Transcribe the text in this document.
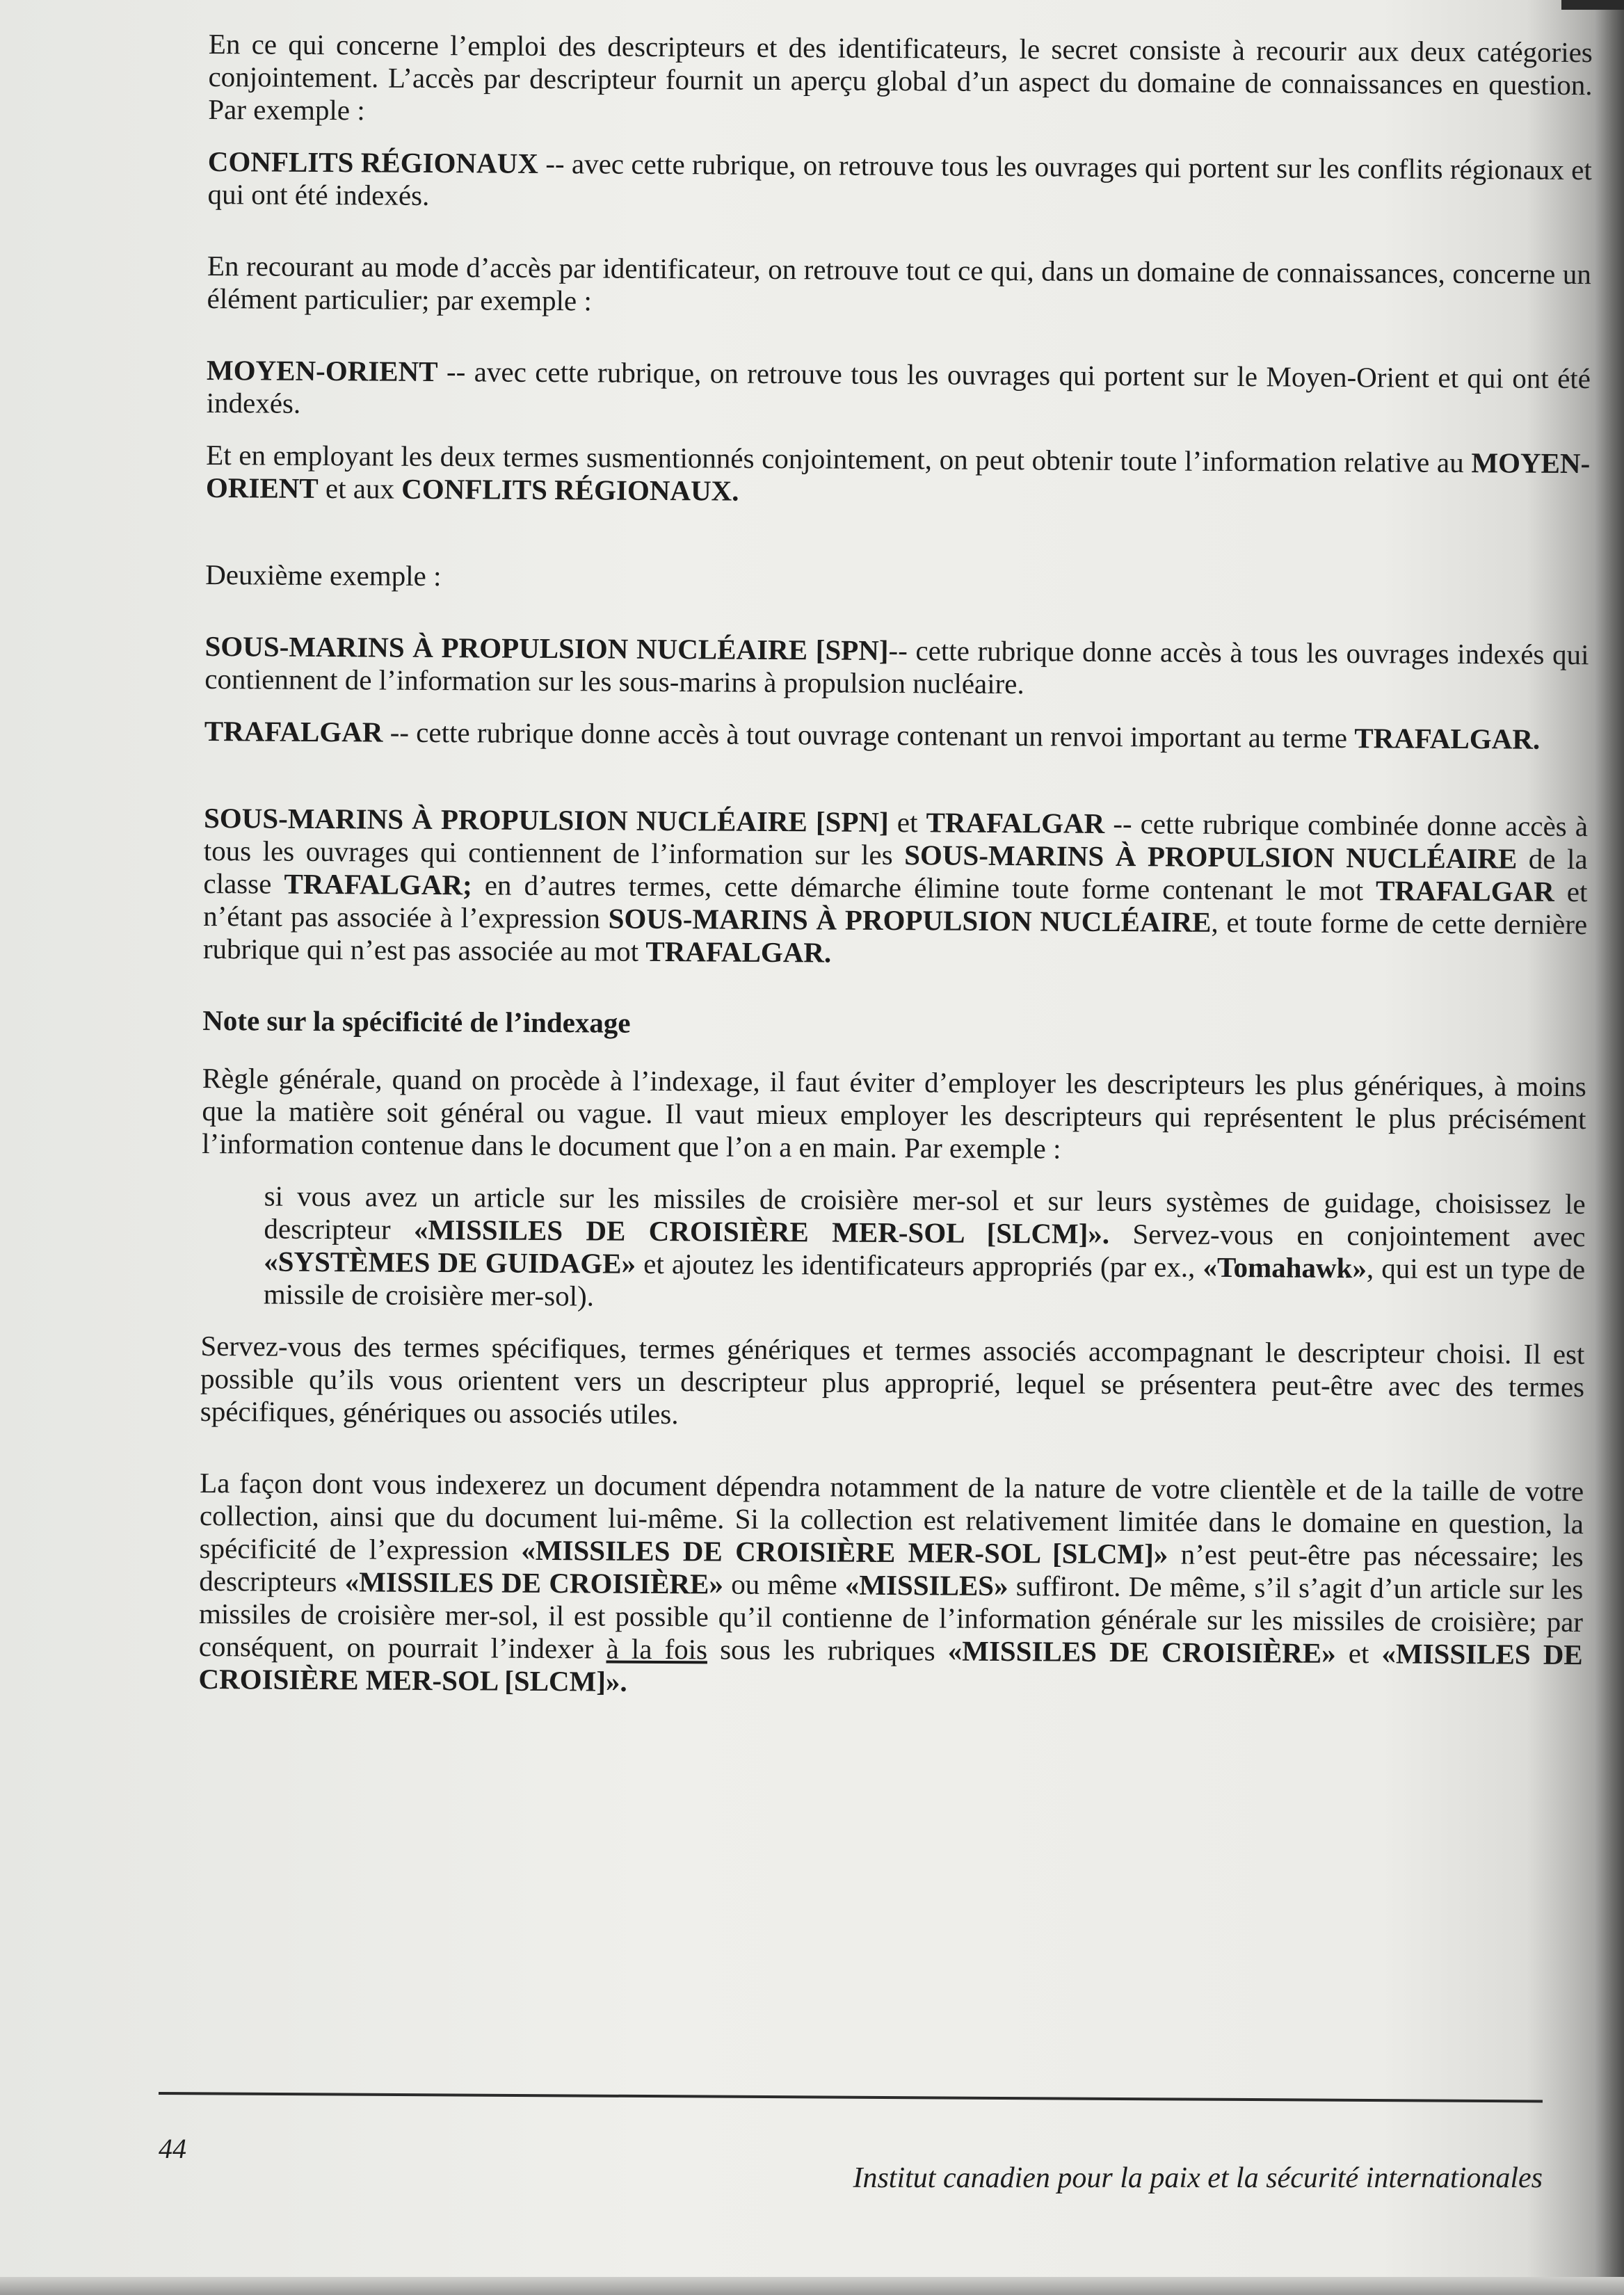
En ce qui concerne l’emploi des descripteurs et des identificateurs, le secret consiste à recourir aux deux catégories conjointement. L’accès par descripteur fournit un aperçu global d’un aspect du domaine de connaissances en question. Par exemple :

CONFLITS RÉGIONAUX -- avec cette rubrique, on retrouve tous les ouvrages qui portent sur les conflits régionaux et qui ont été indexés.

En recourant au mode d’accès par identificateur, on retrouve tout ce qui, dans un domaine de connaissances, concerne un élément particulier; par exemple :

MOYEN-ORIENT -- avec cette rubrique, on retrouve tous les ouvrages qui portent sur le Moyen-Orient et qui ont été indexés.

Et en employant les deux termes susmentionnés conjointement, on peut obtenir toute l’information relative au MOYEN-ORIENT et aux CONFLITS RÉGIONAUX.

Deuxième exemple :

SOUS-MARINS À PROPULSION NUCLÉAIRE [SPN]-- cette rubrique donne accès à tous les ouvrages indexés qui contiennent de l’information sur les sous-marins à propulsion nucléaire.

TRAFALGAR -- cette rubrique donne accès à tout ouvrage contenant un renvoi important au terme TRAFALGAR.

SOUS-MARINS À PROPULSION NUCLÉAIRE [SPN] et TRAFALGAR -- cette rubrique combinée donne accès à tous les ouvrages qui contiennent de l’information sur les SOUS-MARINS À PROPULSION NUCLÉAIRE de la classe TRAFALGAR; en d’autres termes, cette démarche élimine toute forme contenant le mot TRAFALGAR et n’étant pas associée à l’expression SOUS-MARINS À PROPULSION NUCLÉAIRE, et toute forme de cette dernière rubrique qui n’est pas associée au mot TRAFALGAR.

Note sur la spécificité de l’indexage

Règle générale, quand on procède à l’indexage, il faut éviter d’employer les descripteurs les plus génériques, à moins que la matière soit général ou vague. Il vaut mieux employer les descripteurs qui représentent le plus précisément l’information contenue dans le document que l’on a en main. Par exemple :

si vous avez un article sur les missiles de croisière mer-sol et sur leurs systèmes de guidage, choisissez le descripteur «MISSILES DE CROISIÈRE MER-SOL [SLCM]». Servez-vous en conjointement avec «SYSTÈMES DE GUIDAGE» et ajoutez les identificateurs appropriés (par ex., «Tomahawk», qui est un type de missile de croisière mer-sol).

Servez-vous des termes spécifiques, termes génériques et termes associés accompagnant le descripteur choisi. Il est possible qu’ils vous orientent vers un descripteur plus approprié, lequel se présentera peut-être avec des termes spécifiques, génériques ou associés utiles.

La façon dont vous indexerez un document dépendra notamment de la nature de votre clientèle et de la taille de votre collection, ainsi que du document lui-même. Si la collection est relativement limitée dans le domaine en question, la spécificité de l’expression «MISSILES DE CROISIÈRE MER-SOL [SLCM]» n’est peut-être pas nécessaire; les descripteurs «MISSILES DE CROISIÈRE» ou même «MISSILES» suffiront. De même, s’il s’agit d’un article sur les missiles de croisière mer-sol, il est possible qu’il contienne de l’information générale sur les missiles de croisière; par conséquent, on pourrait l’indexer à la fois sous les rubriques «MISSILES DE CROISIÈRE» et «MISSILES DE CROISIÈRE MER-SOL [SLCM]».

44
Institut canadien pour la paix et la sécurité internationales
